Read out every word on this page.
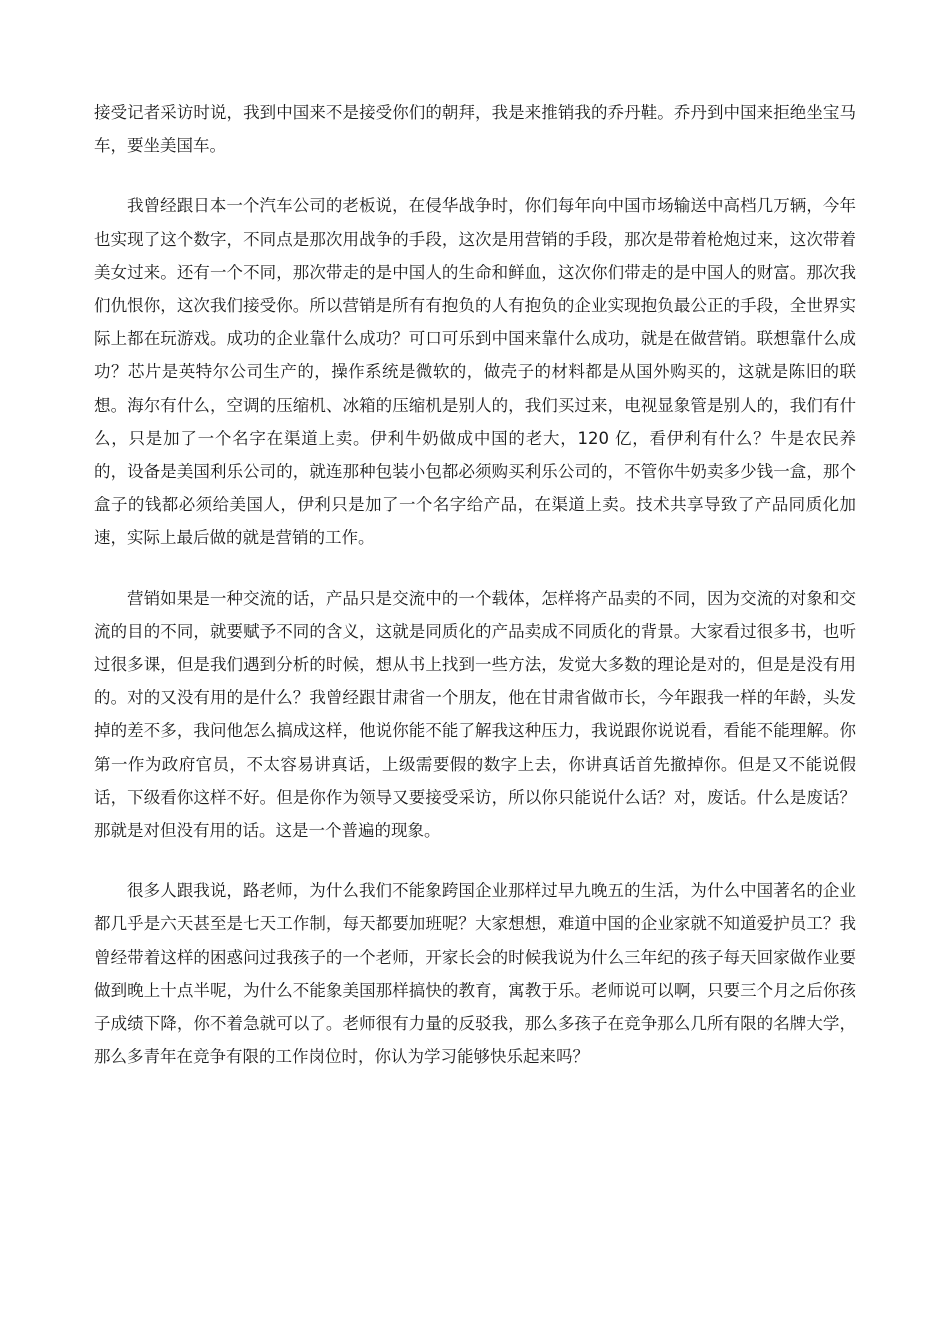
接受记者采访时说，我到中国来不是接受你们的朝拜，我是来推销我的乔丹鞋。乔丹到中国来拒绝坐宝马车，要坐美国车。

我曾经跟日本一个汽车公司的老板说，在侵华战争时，你们每年向中国市场输送中高档几万辆，今年也实现了这个数字，不同点是那次用战争的手段，这次是用营销的手段，那次是带着枪炮过来，这次带着美女过来。还有一个不同，那次带走的是中国人的生命和鲜血，这次你们带走的是中国人的财富。那次我们仇恨你，这次我们接受你。所以营销是所有有抱负的人有抱负的企业实现抱负最公正的手段，全世界实际上都在玩游戏。成功的企业靠什么成功？可口可乐到中国来靠什么成功，就是在做营销。联想靠什么成功？芯片是英特尔公司生产的，操作系统是微软的，做壳子的材料都是从国外购买的，这就是陈旧的联想。海尔有什么，空调的压缩机、冰箱的压缩机是别人的，我们买过来，电视显象管是别人的，我们有什么，只是加了一个名字在渠道上卖。伊利牛奶做成中国的老大，120 亿，看伊利有什么？牛是农民养的，设备是美国利乐公司的，就连那种包装小包都必须购买利乐公司的，不管你牛奶卖多少钱一盒，那个盒子的钱都必须给美国人，伊利只是加了一个名字给产品，在渠道上卖。技术共享导致了产品同质化加速，实际上最后做的就是营销的工作。

营销如果是一种交流的话，产品只是交流中的一个载体，怎样将产品卖的不同，因为交流的对象和交流的目的不同，就要赋予不同的含义，这就是同质化的产品卖成不同质化的背景。大家看过很多书，也听过很多课，但是我们遇到分析的时候，想从书上找到一些方法，发觉大多数的理论是对的，但是是没有用的。对的又没有用的是什么？我曾经跟甘肃省一个朋友，他在甘肃省做市长，今年跟我一样的年龄，头发掉的差不多，我问他怎么搞成这样，他说你能不能了解我这种压力，我说跟你说说看，看能不能理解。你第一作为政府官员，不太容易讲真话，上级需要假的数字上去，你讲真话首先撤掉你。但是又不能说假话，下级看你这样不好。但是你作为领导又要接受采访，所以你只能说什么话？对，废话。什么是废话？那就是对但没有用的话。这是一个普遍的现象。

很多人跟我说，路老师，为什么我们不能象跨国企业那样过早九晚五的生活，为什么中国著名的企业都几乎是六天甚至是七天工作制，每天都要加班呢？大家想想，难道中国的企业家就不知道爱护员工？我曾经带着这样的困惑问过我孩子的一个老师，开家长会的时候我说为什么三年纪的孩子每天回家做作业要做到晚上十点半呢，为什么不能象美国那样搞快的教育，寓教于乐。老师说可以啊，只要三个月之后你孩子成绩下降，你不着急就可以了。老师很有力量的反驳我，那么多孩子在竞争那么几所有限的名牌大学，那么多青年在竞争有限的工作岗位时，你认为学习能够快乐起来吗？
